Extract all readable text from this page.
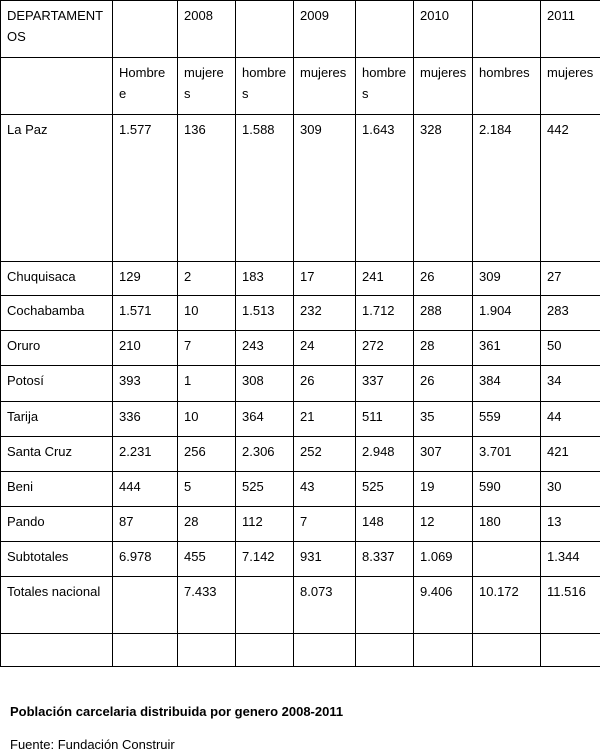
DEPARTAMENTOS		2008		2009		2010		2011
	Hombree	mujeres	hombres	mujeres	hombres	mujeres	hombres	mujeres
La Paz	1.577	136	1.588	309	1.643	328	2.184	442
Chuquisaca	129	2	183	17	241	26	309	27
Cochabamba	1.571	10	1.513	232	1.712	288	1.904	283
Oruro	210	7	243	24	272	28	361	50
Potosí	393	1	308	26	337	26	384	34
Tarija	336	10	364	21	511	35	559	44
Santa Cruz	2.231	256	2.306	252	2.948	307	3.701	421
Beni	444	5	525	43	525	19	590	30
Pando	87	28	112	7	148	12	180	13
Subtotales	6.978	455	7.142	931	8.337	1.069		1.344
Totales nacional		7.433		8.073		9.406	10.172	11.516

Población carcelaria distribuida por genero 2008-2011
Fuente: Fundación Construir
